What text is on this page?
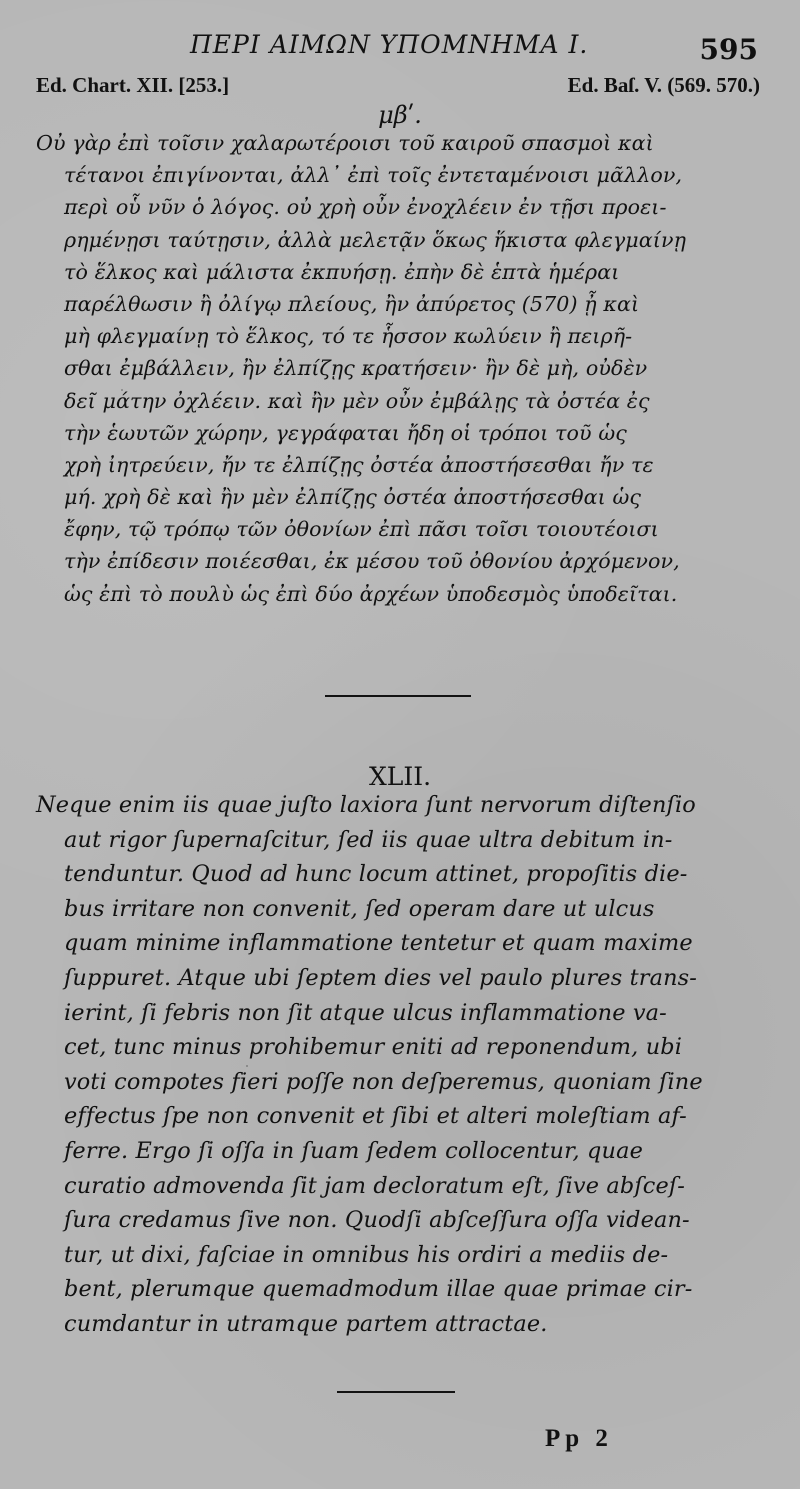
ΠΕΡΙ ΑΙΜΩΝ ΥΠΟΜΝΗΜΑ Ι.	595
Ed. Chart. XII. [253.]	Ed. Baſ. V. (569. 570.)
μβʹ.
Οὐ γὰρ ἐπὶ τοῖσιν χαλαρωτέροισι τοῦ καιροῦ σπασμοὶ καὶ
τέτανοι ἐπιγίνονται, ἀλλ᾽ ἐπὶ τοῖς ἐντεταμένοισι μᾶλλον,
περὶ οὗ νῦν ὁ λόγος. οὐ χρὴ οὖν ἐνοχλέειν ἐν τῇσι προει-
ρημένῃσι ταύτῃσιν, ἀλλὰ μελετᾷν ὅκως ἥκιστα φλεγμαίνῃ
τὸ ἕλκος καὶ μάλιστα ἐκπυήσῃ. ἐπὴν δὲ ἑπτὰ ἡμέραι
παρέλθωσιν ἢ ὀλίγῳ πλείους, ἢν ἀπύρετος (570) ᾖ καὶ
μὴ φλεγμαίνῃ τὸ ἕλκος, τό τε ἧσσον κωλύειν ἢ πειρῆ-
σθαι ἐμβάλλειν, ἢν ἐλπίζῃς κρατήσειν· ἢν δὲ μὴ, οὐδὲν
δεῖ μάτην ὀχλέειν. καὶ ἢν μὲν οὖν ἐμβάλῃς τὰ ὀστέα ἐς
τὴν ἑωυτῶν χώρην, γεγράφαται ἤδη οἱ τρόποι τοῦ ὡς
χρὴ ἰητρεύειν, ἤν τε ἐλπίζῃς ὀστέα ἀποστήσεσθαι ἤν τε
μή. χρὴ δὲ καὶ ἢν μὲν ἐλπίζῃς ὀστέα ἀποστήσεσθαι ὡς
ἔφην, τῷ τρόπῳ τῶν ὀθονίων ἐπὶ πᾶσι τοῖσι τοιουτέοισι
τὴν ἐπίδεσιν ποιέεσθαι, ἐκ μέσου τοῦ ὀθονίου ἀρχόμενον,
ὡς ἐπὶ τὸ πουλὺ ὡς ἐπὶ δύο ἀρχέων ὑποδεσμὸς ὑποδεῖται.
XLII.
Neque enim iis quae juſto laxiora ſunt nervorum diſtenſio
aut rigor ſupernaſcitur, ſed iis quae ultra debitum in-
tenduntur. Quod ad hunc locum attinet, propoſitis die-
bus irritare non convenit, ſed operam dare ut ulcus
quam minime inflammatione tentetur et quam maxime
ſuppuret. Atque ubi ſeptem dies vel paulo plures trans-
ierint, ſi febris non ſit atque ulcus inflammatione va-
cet, tunc minus prohibemur eniti ad reponendum, ubi
voti compotes fieri poſſe non deſperemus, quoniam ſine
effectus ſpe non convenit et ſibi et alteri moleſtiam af-
ferre. Ergo ſi oſſa in ſuam ſedem collocentur, quae
curatio admovenda ſit jam decloratum eſt, ſive abſceſ-
ſura credamus ſive non. Quodſi abſceſſura oſſa videan-
tur, ut dixi, faſciae in omnibus his ordiri a mediis de-
bent, plerumque quemadmodum illae quae primae cir-
cumdantur in utramque partem attractae.
Pp 2
